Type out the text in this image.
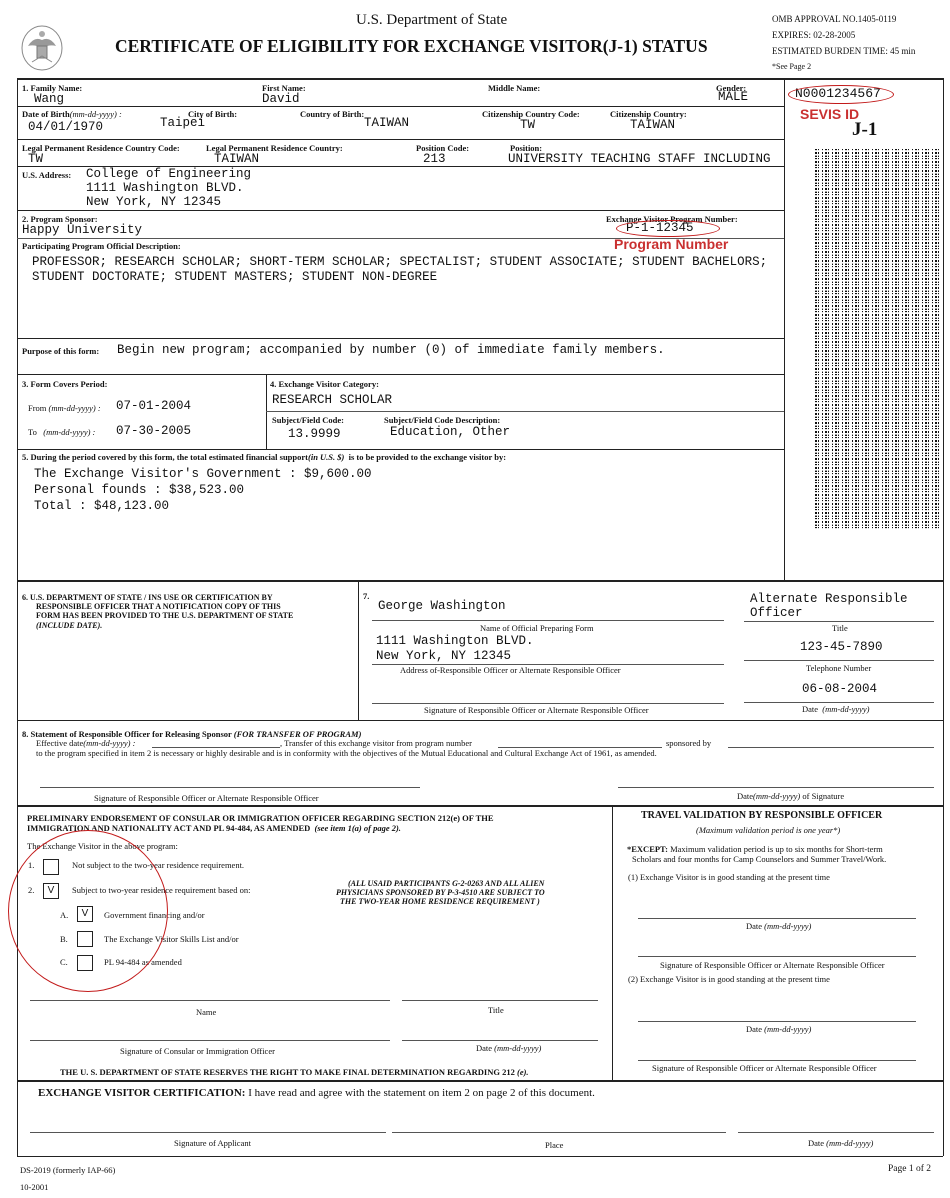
U.S. Department of State
CERTIFICATE OF ELIGIBILITY FOR EXCHANGE VISITOR(J-1) STATUS
OMB APPROVAL NO.1405-0119
EXPIRES: 02-28-2005
ESTIMATED BURDEN TIME: 45 min
*See Page 2
1. Family Name:
Wang
First Name:
David
Middle Name:	Gender:
MALE
Date of Birth(mm-dd-yyyy) :
04/01/1970
City of Birth:
Taipei
Country of Birth:
TAIWAN
Citizenship Country Code:
TW
Citizenship Country:
TAIWAN
Legal Permanent Residence Country Code:
TW
Legal Permanent Residence Country:
TAIWAN
Position Code:
213
Position:
UNIVERSITY TEACHING STAFF INCLUDING
U.S. Address: College of Engineering
1111 Washington BLVD.
New York, NY 12345
N0001234567
SEVIS ID
J-1
2. Program Sponsor:
Happy University
Exchange Visitor Program Number:
P-1-12345
Program Number
Participating Program Official Description:
PROFESSOR; RESEARCH SCHOLAR; SHORT-TERM SCHOLAR; SPECTALIST; STUDENT ASSOCIATE; STUDENT BACHELORS;
STUDENT DOCTORATE; STUDENT MASTERS; STUDENT NON-DEGREE
Purpose of this form: Begin new program; accompanied by number (0) of immediate family members.
3. Form Covers Period:
From (mm-dd-yyyy) : 07-01-2004
To (mm-dd-yyyy) : 07-30-2005
4. Exchange Visitor Category:
RESEARCH SCHOLAR
Subject/Field Code:
13.9999
Subject/Field Code Description:
Education, Other
5. During the period covered by this form, the total estimated financial support(in U.S. $) is to be provided to the exchange visitor by:
The Exchange Visitor's Government : $9,600.00
Personal founds : $38,523.00
Total : $48,123.00
6. U.S. DEPARTMENT OF STATE / INS USE OR CERTIFICATION BY
RESPONSIBLE OFFICER THAT A NOTIFICATION COPY OF THIS
FORM HAS BEEN PROVIDED TO THE U.S. DEPARTMENT OF STATE
(INCLUDE DATE).
7.
George Washington
Name of Official Preparing Form
1111 Washington BLVD.
New York, NY 12345
Address of-Responsible Officer or Alternate Responsible Officer
Signature of Responsible Officer or Alternate Responsible Officer
Alternate Responsible
Officer
Title
123-45-7890
Telephone Number
06-08-2004
Date (mm-dd-yyyy)
8. Statement of Responsible Officer for Releasing Sponsor (FOR TRANSFER OF PROGRAM)
Effective date(mm-dd-yyyy) :	, Transfer of this exchange visitor from program number	sponsored by
to the program specified in item 2 is necessary or highly desirable and is in conformity with the objectives of the Mutual Educational and Cultural Exchange Act of 1961, as amended.
Signature of Responsible Officer or Alternate Responsible Officer	Date(mm-dd-yyyy) of Signature
PRELIMINARY ENDORSEMENT OF CONSULAR OR IMMIGRATION OFFICER REGARDING SECTION 212(e) OF THE
IMMIGRATION AND NATIONALITY ACT AND PL 94-484, AS AMENDED (see item 1(a) of page 2).
The Exchange Visitor in the above program:
1.	Not subject to the two-year residence requirement.
2.	V	Subject to two-year residence requirement based on:
A.	V	Government financing and/or
B.	The Exchange Visitor Skills List and/or
C.	PL 94-484 as amended
(ALL USAID PARTICIPANTS G-2-0263 AND ALL ALIEN
PHYSICIANS SPONSORED BY P-3-4510 ARE SUBJECT TO
THE TWO-YEAR HOME RESIDENCE REQUIREMENT )
Name	Title
Signature of Consular or Immigration Officer	Date (mm-dd-yyyy)
THE U. S. DEPARTMENT OF STATE RESERVES THE RIGHT TO MAKE FINAL DETERMINATION REGARDING 212 (e).
TRAVEL VALIDATION BY RESPONSIBLE OFFICER
(Maximum validation period is one year*)
*EXCEPT: Maximum validation period is up to six months for Short-term
Scholars and four months for Camp Counselors and Summer Travel/Work.
(1) Exchange Visitor is in good standing at the present time
Date (mm-dd-yyyy)
Signature of Responsible Officer or Alternate Responsible Officer
(2) Exchange Visitor is in good standing at the present time
Date (mm-dd-yyyy)
Signature of Responsible Officer or Alternate Responsible Officer
EXCHANGE VISITOR CERTIFICATION: I have read and agree with the statement on item 2 on page 2 of this document.
Signature of Applicant	Place	Date (mm-dd-yyyy)
DS-2019 (formerly IAP-66)
10-2001
Page 1 of 2
